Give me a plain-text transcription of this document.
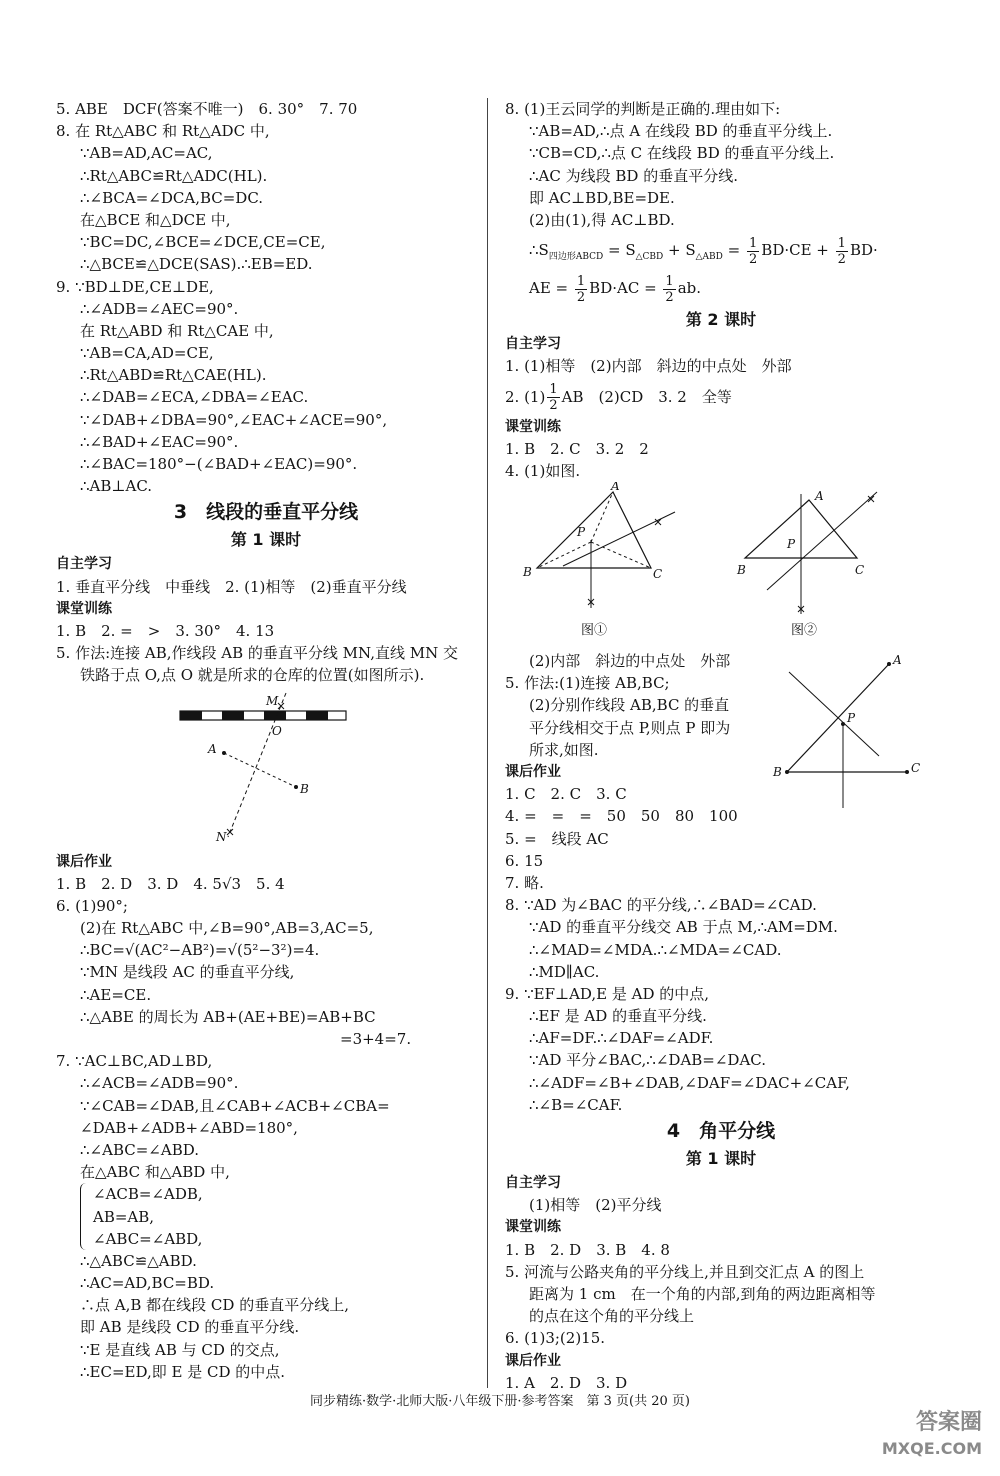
5. ABE　DCF(答案不唯一)　6. 30°　7. 70
8. 在 Rt△ABC 和 Rt△ADC 中,
∵AB=AD,AC=AC,
∴Rt△ABC≌Rt△ADC(HL).
∴∠BCA=∠DCA,BC=DC.
在△BCE 和△DCE 中,
∵BC=DC,∠BCE=∠DCE,CE=CE,
∴△BCE≌△DCE(SAS).∴EB=ED.
9. ∵BD⊥DE,CE⊥DE,
∴∠ADB=∠AEC=90°.
在 Rt△ABD 和 Rt△CAE 中,
∵AB=CA,AD=CE,
∴Rt△ABD≌Rt△CAE(HL).
∴∠DAB=∠ECA,∠DBA=∠EAC.
∵∠DAB+∠DBA=90°,∠EAC+∠ACE=90°,
∴∠BAD+∠EAC=90°.
∴∠BAC=180°−(∠BAD+∠EAC)=90°.
∴AB⊥AC.
3　线段的垂直平分线
第 1 课时
自主学习
1. 垂直平分线　中垂线　2. (1)相等　(2)垂直平分线
课堂训练
1. B　2. =　>　3. 30°　4. 13
5. 作法:连接 AB,作线段 AB 的垂直平分线 MN,直线 MN 交
铁路于点 O,点 O 就是所求的仓库的位置(如图所示).
M
O
A
B
N
课后作业
1. B　2. D　3. D　4. 5√3　5. 4
6. (1)90°;
(2)在 Rt△ABC 中,∠B=90°,AB=3,AC=5,
∴BC=√(AC²−AB²)=√(5²−3²)=4.
∵MN 是线段 AC 的垂直平分线,
∴AE=CE.
∴△ABE 的周长为 AB+(AE+BE)=AB+BC
=3+4=7.
7. ∵AC⊥BC,AD⊥BD,
∴∠ACB=∠ADB=90°.
∵∠CAB=∠DAB,且∠CAB+∠ACB+∠CBA=
∠DAB+∠ADB+∠ABD=180°,
∴∠ABC=∠ABD.
在△ABC 和△ABD 中,
∠ACB=∠ADB,
AB=AB,
∠ABC=∠ABD,
∴△ABC≌△ABD.
∴AC=AD,BC=BD.
∴点 A,B 都在线段 CD 的垂直平分线上,
即 AB 是线段 CD 的垂直平分线.
∵E 是直线 AB 与 CD 的交点,
∴EC=ED,即 E 是 CD 的中点.
8. (1)王云同学的判断是正确的.理由如下:
∵AB=AD,∴点 A 在线段 BD 的垂直平分线上.
∵CB=CD,∴点 C 在线段 BD 的垂直平分线上.
∴AC 为线段 BD 的垂直平分线.
即 AC⊥BD,BE=DE.
(2)由(1),得 AC⊥BD.
$\therefore S_{四边形ABCD} = S_{\triangle CBD} + S_{\triangle ABD} = \frac{1}{2} BD\cdot CE + \frac{1}{2} BD\cdot$
AE = $\frac{1}{2} BD\cdot AC = \frac{1}{2}$ ab.
第 2 课时
自主学习
1. (1)相等　(2)内部　斜边的中点处　外部
2. $(1) \frac{1}{2}$ AB　(2)CD　3. 2　全等
课堂训练
1. B　2. C　3. 2　2
4. (1)如图.
A
B	C
P
图①
A
B	C
P
图②
(2)内部　斜边的中点处　外部
5. 作法:(1)连接 AB,BC;
(2)分别作线段 AB,BC 的垂直
平分线相交于点 P,则点 P 即为
所求,如图.
A
B	C
P
课后作业
1. C　2. C　3. C
4. =　=　=　50　50　80　100
5. =　线段 AC
6. 15
7. 略.
8. ∵AD 为∠BAC 的平分线,∴∠BAD=∠CAD.
∵AD 的垂直平分线交 AB 于点 M,∴AM=DM.
∴∠MAD=∠MDA.∴∠MDA=∠CAD.
∴MD∥AC.
9. ∵EF⊥AD,E 是 AD 的中点,
∴EF 是 AD 的垂直平分线.
∴AF=DF.∴∠DAF=∠ADF.
∵AD 平分∠BAC,∴∠DAB=∠DAC.
∴∠ADF=∠B+∠DAB,∠DAF=∠DAC+∠CAF,
∴∠B=∠CAF.
4　角平分线
第 1 课时
自主学习
(1)相等　(2)平分线
课堂训练
1. B　2. D　3. B　4. 8
5. 河流与公路夹角的平分线上,并且到交汇点 A 的图上
距离为 1 cm　在一个角的内部,到角的两边距离相等
的点在这个角的平分线上
6. (1)3;(2)15.
课后作业
1. A　2. D　3. D
同步精练·数学·北师大版·八年级下册·参考答案　第 3 页(共 20 页)
答案圈
MXQE.COM
